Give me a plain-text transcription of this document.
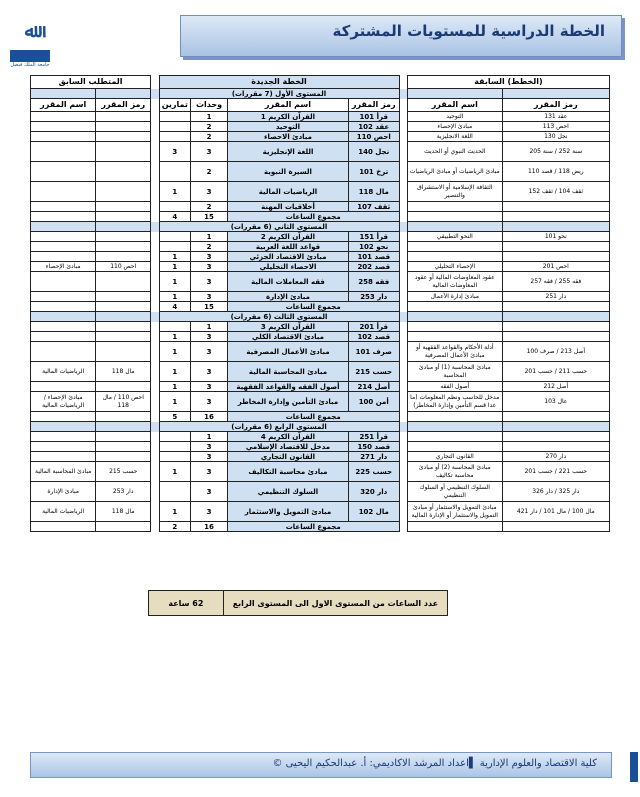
ﷲ
جامعة الملك فيصل
الخطة الدراسية للمستويات المشتركة
(الخطط) السابقة			الخطة الجديدة					المتطلب السابق	
			المستوى الأول (7 مقررات)						
رمز المقرر	اسم المقرر		رمز المقرر	اسم المقرر	وحدات	تمارين		رمز المقرر	اسم المقرر
عقد 131	التوحيد		قرأ 101	القرآن الكريم 1	1				
احص 113	مبادئ الإحصاء		عقد 102	التوحيد	2				
نجل 130	اللغة الانجليزية		احص 110	مبادئ الاحصاء	2				
سنة 252 / سنة 205	الحديث النبوي أو الحديث		نجل 140	اللغة الإنجليزية	3	3			
ريض 118 / قصد 110	مبادئ الرياضيات أو مبادئ الرياضيات		ترخ 101	السيرة النبوية	2				
ثقف 104 / ثقف 152	الثقافة الإسلامية أو الاستشراق والتنصير		مال 118	الرياضيات المالية	3	1			
			ثقف 107	أخلاقيات المهنة	2				
			مجموع الساعات		15	4			
			المستوى الثاني (6 مقررات)						
نحو 101	النحو التطبيقي		قرأ 151	القرآن الكريم 2	1				
			نحو 102	قواعد اللغة العربية	2				
			قصد 101	مبادئ الاقتصاد الجزئي	3	1			
احص 201	الإحصاء التحليلي		قصد 202	الاحصاء التحليلي	3	1		احص 110	مبادئ الإحصاء
فقه 255 / فقه 257	عقود المعاوضات المالية أو عقود المعاوضات المالية		فقه 258	فقه المعاملات المالية	3	1			
دار 251	مبادئ إدارة الأعمال		دار 253	مبادئ الإدارة	3	1			
			مجموع الساعات		15	4			
			المستوى الثالث (6 مقررات)						
			قرأ 201	القرآن الكريم 3	1				
			قصد 102	مبادئ الاقتصاد الكلي	3	1			
أصل 213 / صرف 100	أدلة الأحكام والقواعد الفقهية أو مبادئ الأعمال المصرفية		صرف 101	مبادئ الأعمال المصرفية	3	1			
حسب 211 / حسب 201	مبادئ المحاسبة (1) أو مبادئ المحاسبة		حسب 215	مبادئ المحاسبة المالية	3	1		مال 118	الرياضيات المالية
أصل 212	أصول الفقه		أصل 214	أصول الفقه والقواعد الفقهية	3	1			
عال 103	مدخل للحاسب ونظم المعلومات (ما عدا قسم التأمين وإدارة المخاطر)		أمن 100	مبادئ التأمين وإدارة المخاطر	3	1		احص 110 / مال 118	مبادئ الإحصاء / الرياضيات المالية
			مجموع الساعات		16	5			
			المستوى الرابع (6 مقررات)						
			قرأ 251	القرآن الكريم 4	1				
			قصد 150	مدخل للاقتصاد الإسلامي	3				
دار 270	القانون التجاري		دار 271	القانون التجاري	3				
حسب 221 / حسب 201	مبادئ المحاسبة (2) أو مبادئ محاسبة تكاليف		حسب 225	مبادئ محاسبة التكاليف	3	1		حسب 215	مبادئ المحاسبة المالية
دار 325 / دار 326	السلوك التنظيمي أو السلوك التنظيمي		دار 320	السلوك التنظيمي	3			دار 253	مبادئ الإدارة
مال 100 / مال 101 / دار 421	مبادئ التمويل والاستثمار أو مبادئ التمويل والاستثمار أو الإدارة المالية		مال 102	مبادئ التمويل والاستثمار	3	1		مال 118	الرياضيات المالية
			مجموع الساعات		16	2			
عدد الساعات من المستوى الاول الى المستوى الرابع	62 ساعة
كلية الاقتصاد والعلوم الإدارية ▌اعداد المرشد الاكاديمي: أ. عبدالحكيم اليحيى ©
